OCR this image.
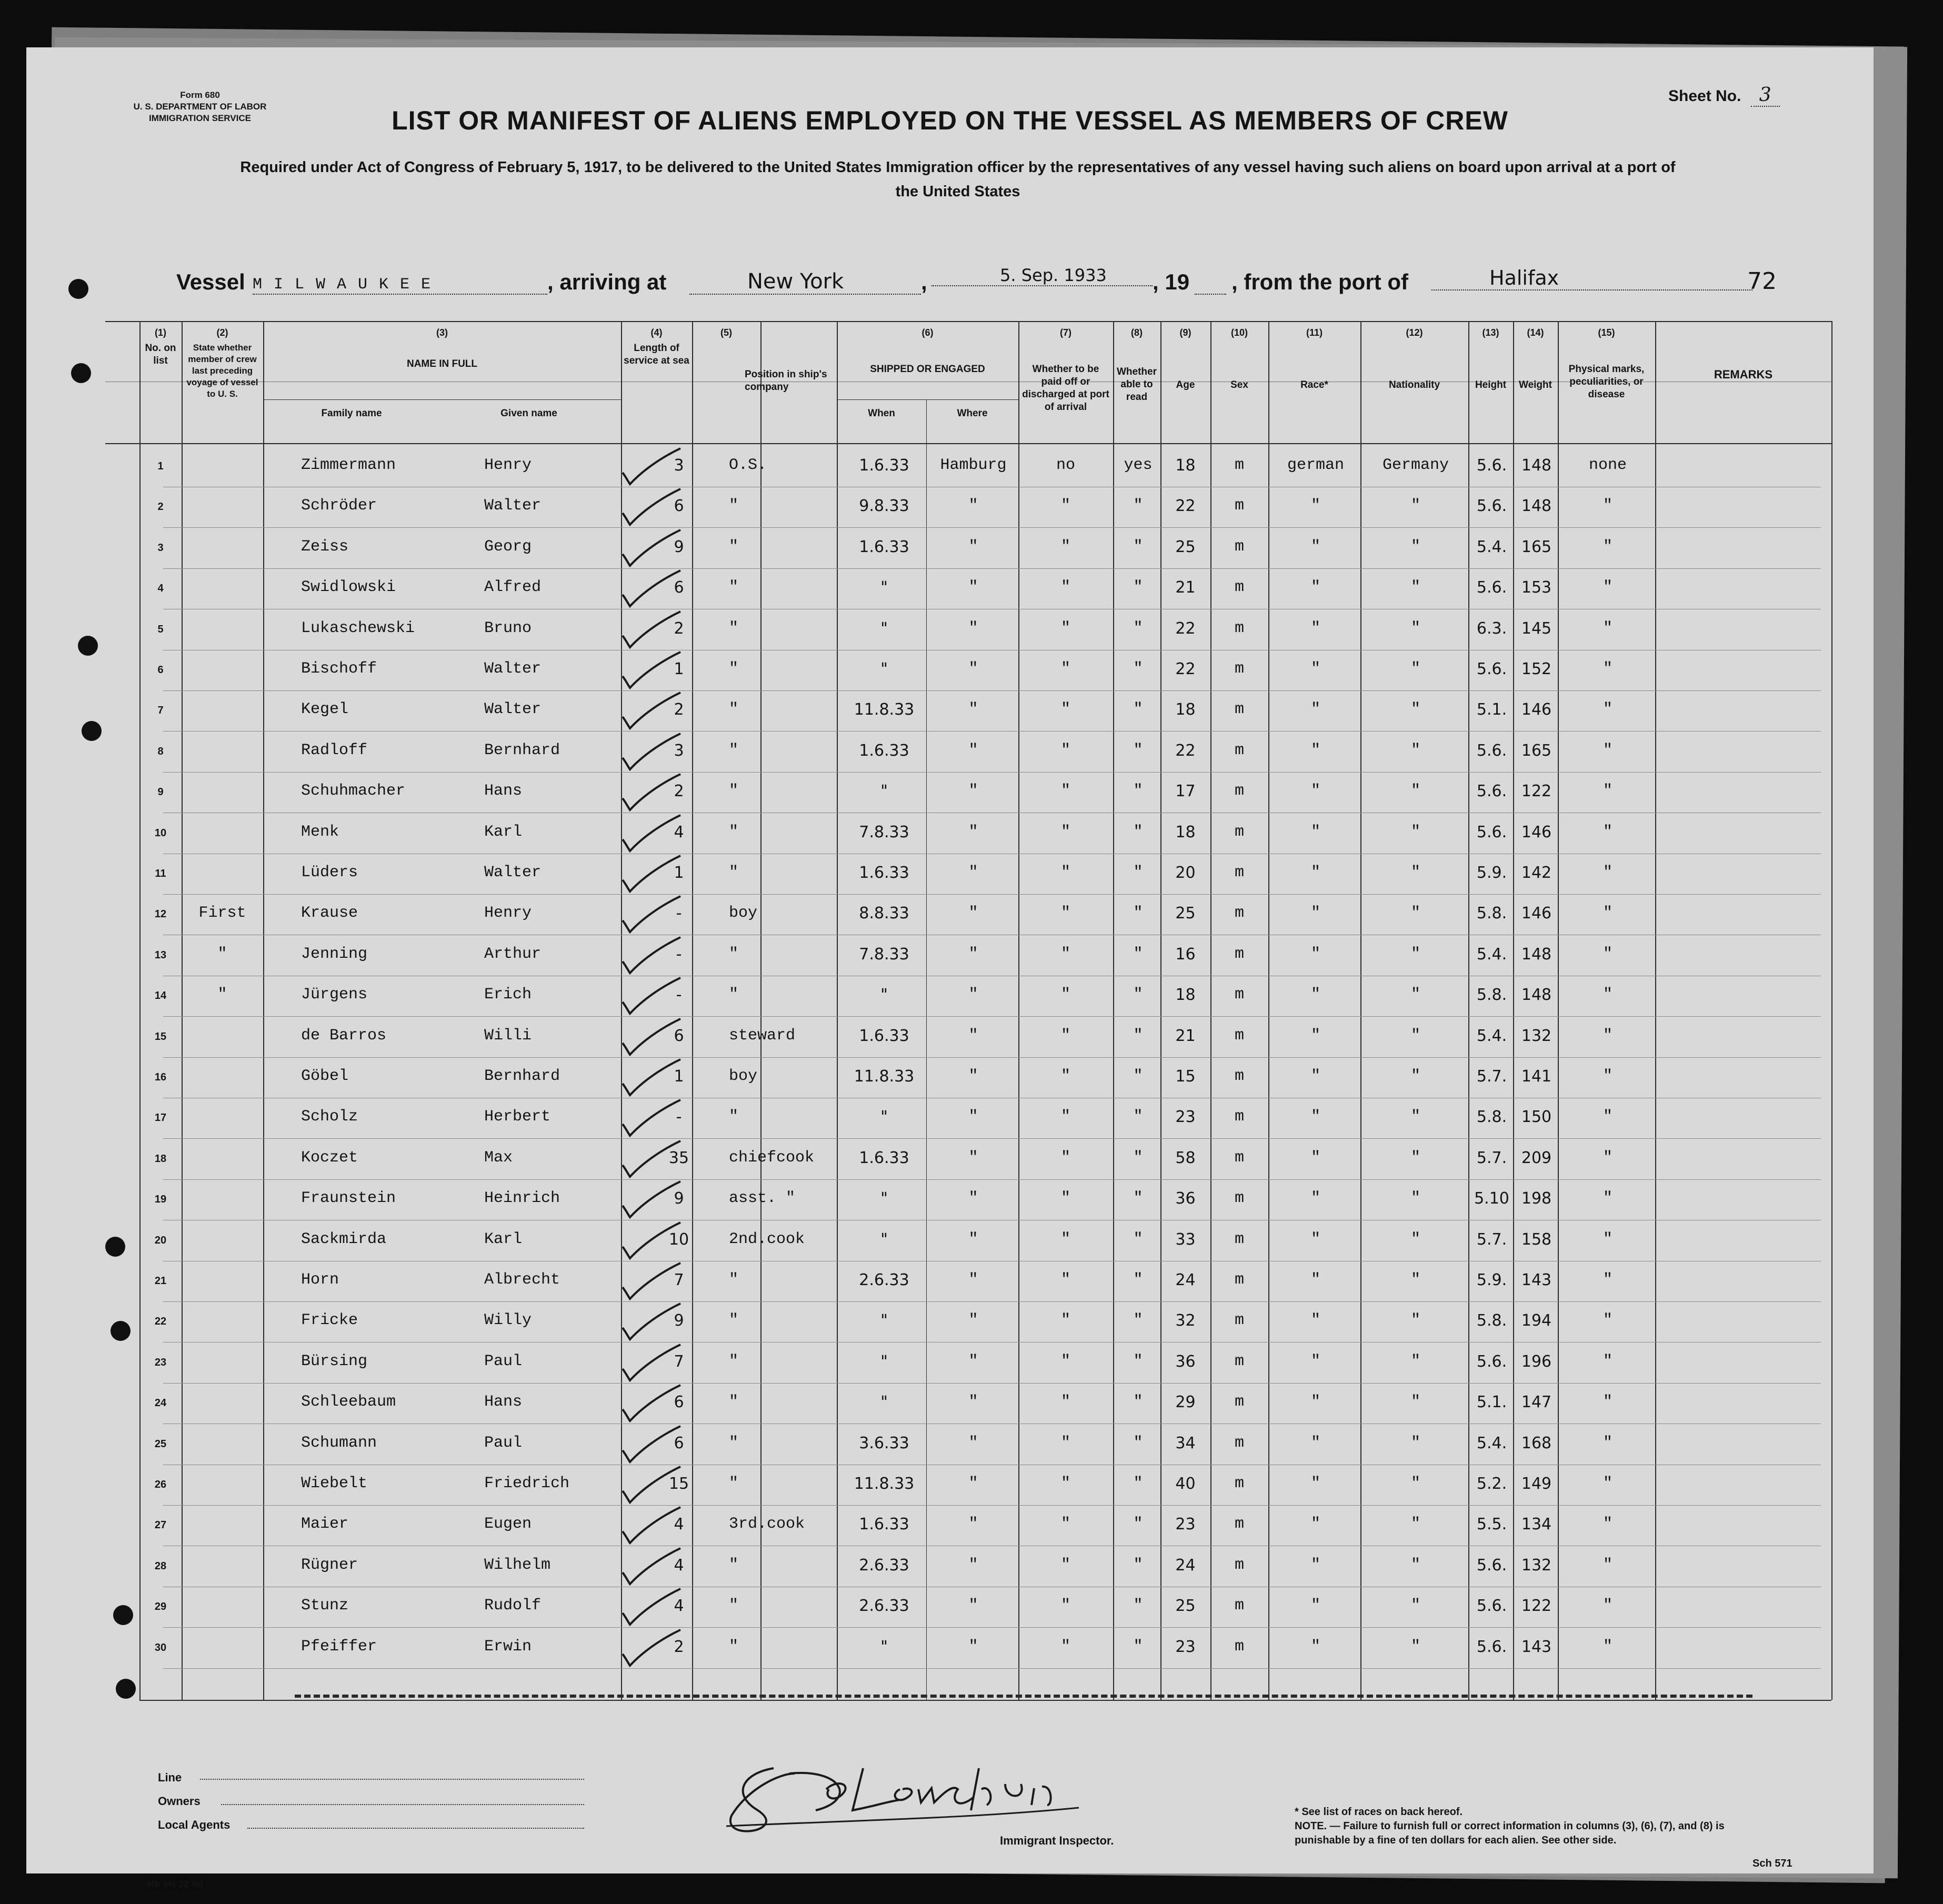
Form 680
U. S. DEPARTMENT OF LABOR
IMMIGRATION SERVICE
Sheet No. 3
LIST OR MANIFEST OF ALIENS EMPLOYED ON THE VESSEL AS MEMBERS OF CREW
Required under Act of Congress of February 5, 1917, to be delivered to the United States Immigration officer by the representatives of any vessel having such aliens on board upon arrival at a port of the United States
Vessel M I L W A U K E E	, arriving at	New York	,	5. Sep. 1933	, 19 , from the port of	Halifax	72
(1)	(2)	(3)	(4)	(5)	(6)	(7)	(8)	(9)	(10)	(11)	(12)	(13)	(14)	(15)
No. on list
State whether member of crew last preceding voyage of vessel to U. S.
NAME IN FULL
Family name	Given name
Length of service at sea
Position in ship's company
SHIPPED OR ENGAGED
When	Where
Whether to be paid off or discharged at port of arrival
Whether able to read
Age	Sex	Race*	Nationality	Height	Weight
Physical marks, peculiarities, or disease
REMARKS
1	Zimmermann	Henry	3	O.S.	1.6.33	Hamburg	no	yes	18	m	german	Germany	5.6. 148	none
2	Schröder	Walter	6	"	9.8.33	"	"	"	22	m	"	"	5.6. 148	"
3	Zeiss	Georg	9	"	1.6.33	"	"	"	25	m	"	"	5.4. 165	"
4	Swidlowski	Alfred	6	"	"	"	"	"	21	m	"	"	5.6. 153	"
5	Lukaschewski	Bruno	2	"	"	"	"	"	22	m	"	"	6.3. 145	"
6	Bischoff	Walter	1	"	"	"	"	"	22	m	"	"	5.6. 152	"
7	Kegel	Walter	2	"	11.8.33	"	"	"	18	m	"	"	5.1. 146	"
8	Radloff	Bernhard	3	"	1.6.33	"	"	"	22	m	"	"	5.6. 165	"
9	Schuhmacher	Hans	2	"	"	"	"	"	17	m	"	"	5.6. 122	"
10	Menk	Karl	4	"	7.8.33	"	"	"	18	m	"	"	5.6. 146	"
11	Lüders	Walter	1	"	1.6.33	"	"	"	20	m	"	"	5.9. 142	"
12	First	Krause	Henry	-	boy	8.8.33	"	"	"	25	m	"	"	5.8. 146	"
13	"	Jenning	Arthur	-	"	7.8.33	"	"	"	16	m	"	"	5.4. 148	"
14	"	Jürgens	Erich	-	"	"	"	"	"	18	m	"	"	5.8. 148	"
15	de Barros	Willi	6	steward	1.6.33	"	"	"	21	m	"	"	5.4. 132	"
16	Göbel	Bernhard	1	boy	11.8.33	"	"	"	15	m	"	"	5.7. 141	"
17	Scholz	Herbert	-	"	"	"	"	"	23	m	"	"	5.8. 150	"
18	Koczet	Max	35	chiefcook	1.6.33	"	"	"	58	m	"	"	5.7. 209	"
19	Fraunstein	Heinrich	9	asst. "	"	"	"	"	36	m	"	"	5.10 198	"
20	Sackmirda	Karl	10	2nd.cook	"	"	"	"	33	m	"	"	5.7. 158	"
21	Horn	Albrecht	7	"	2.6.33	"	"	"	24	m	"	"	5.9. 143	"
22	Fricke	Willy	9	"	"	"	"	"	32	m	"	"	5.8. 194	"
23	Bürsing	Paul	7	"	"	"	"	"	36	m	"	"	5.6. 196	"
24	Schleebaum	Hans	6	"	"	"	"	"	29	m	"	"	5.1. 147	"
25	Schumann	Paul	6	"	3.6.33	"	"	"	34	m	"	"	5.4. 168	"
26	Wiebelt	Friedrich	15	"	11.8.33	"	"	"	40	m	"	"	5.2. 149	"
27	Maier	Eugen	4	3rd.cook	1.6.33	"	"	"	23	m	"	"	5.5. 134	"
28	Rügner	Wilhelm	4	"	2.6.33	"	"	"	24	m	"	"	5.6. 132	"
29	Stunz	Rudolf	4	"	2.6.33	"	"	"	25	m	"	"	5.6. 122	"
30	Pfeiffer	Erwin	2	"	"	"	"	"	23	m	"	"	5.6. 143	"
Line
Owners
Local Agents
J. O'Loughlin
Immigrant Inspector.
* See list of races on back hereof.
NOTE. — Failure to furnish full or correct information in columns (3), (6), (7), and (8) is punishable by a fine of ten dollars for each alien. See other side.
Sch 571
Hb ssl 22 nd
